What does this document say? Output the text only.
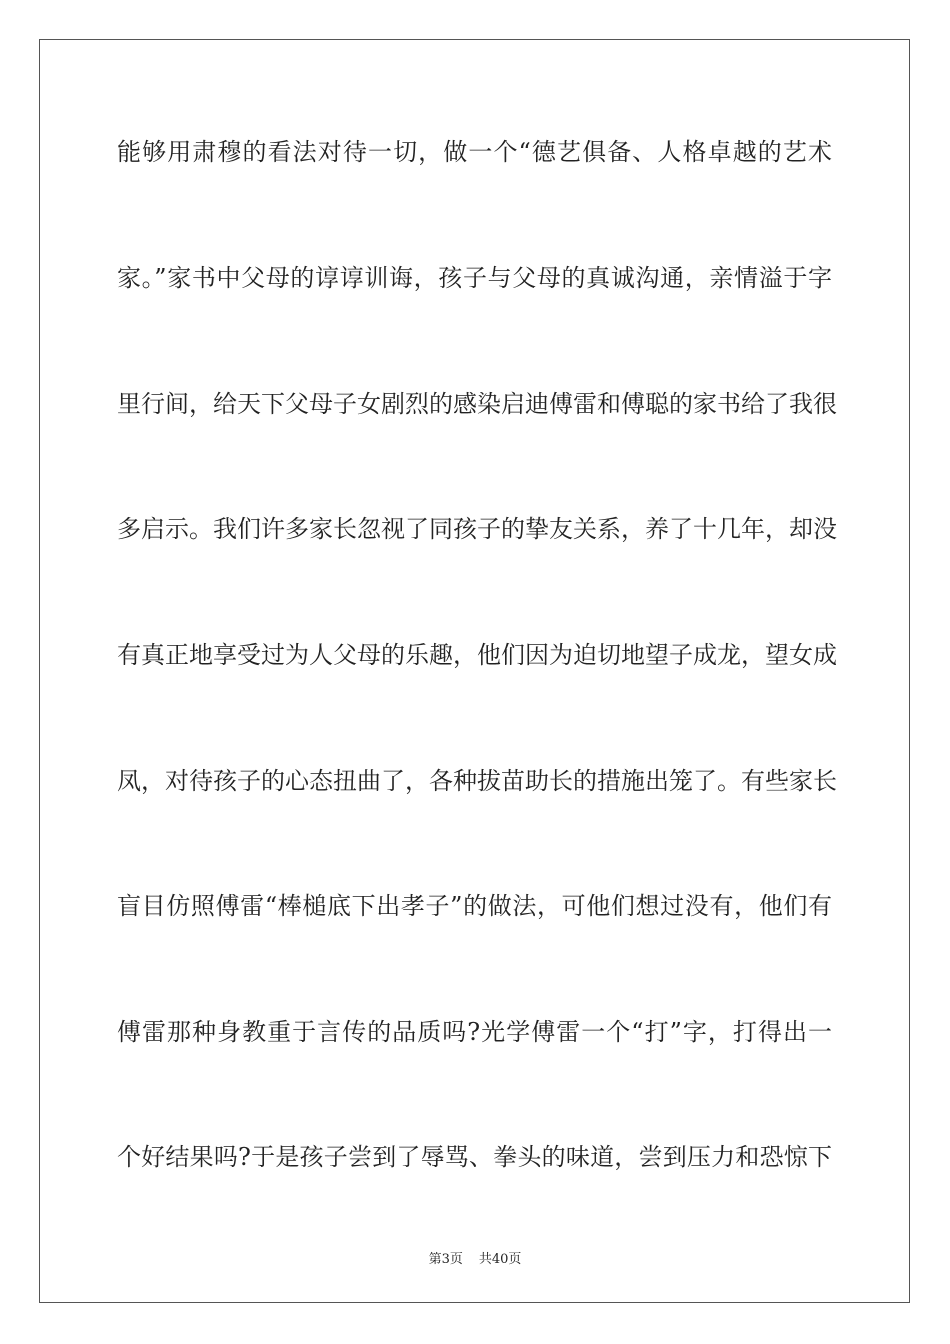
能够用肃穆的看法对待一切，做一个“德艺俱备、人格卓越的艺术
家。”家书中父母的谆谆训诲，孩子与父母的真诚沟通，亲情溢于字
里行间，给天下父母子女剧烈的感染启迪傅雷和傅聪的家书给了我很
多启示。我们许多家长忽视了同孩子的挚友关系，养了十几年，却没
有真正地享受过为人父母的乐趣，他们因为迫切地望子成龙，望女成
凤，对待孩子的心态扭曲了，各种拔苗助长的措施出笼了。有些家长
盲目仿照傅雷“棒槌底下出孝子”的做法，可他们想过没有，他们有
傅雷那种身教重于言传的品质吗?光学傅雷一个“打”字，打得出一
个好结果吗?于是孩子尝到了辱骂、拳头的味道，尝到压力和恐惊下
第3页 共40页
